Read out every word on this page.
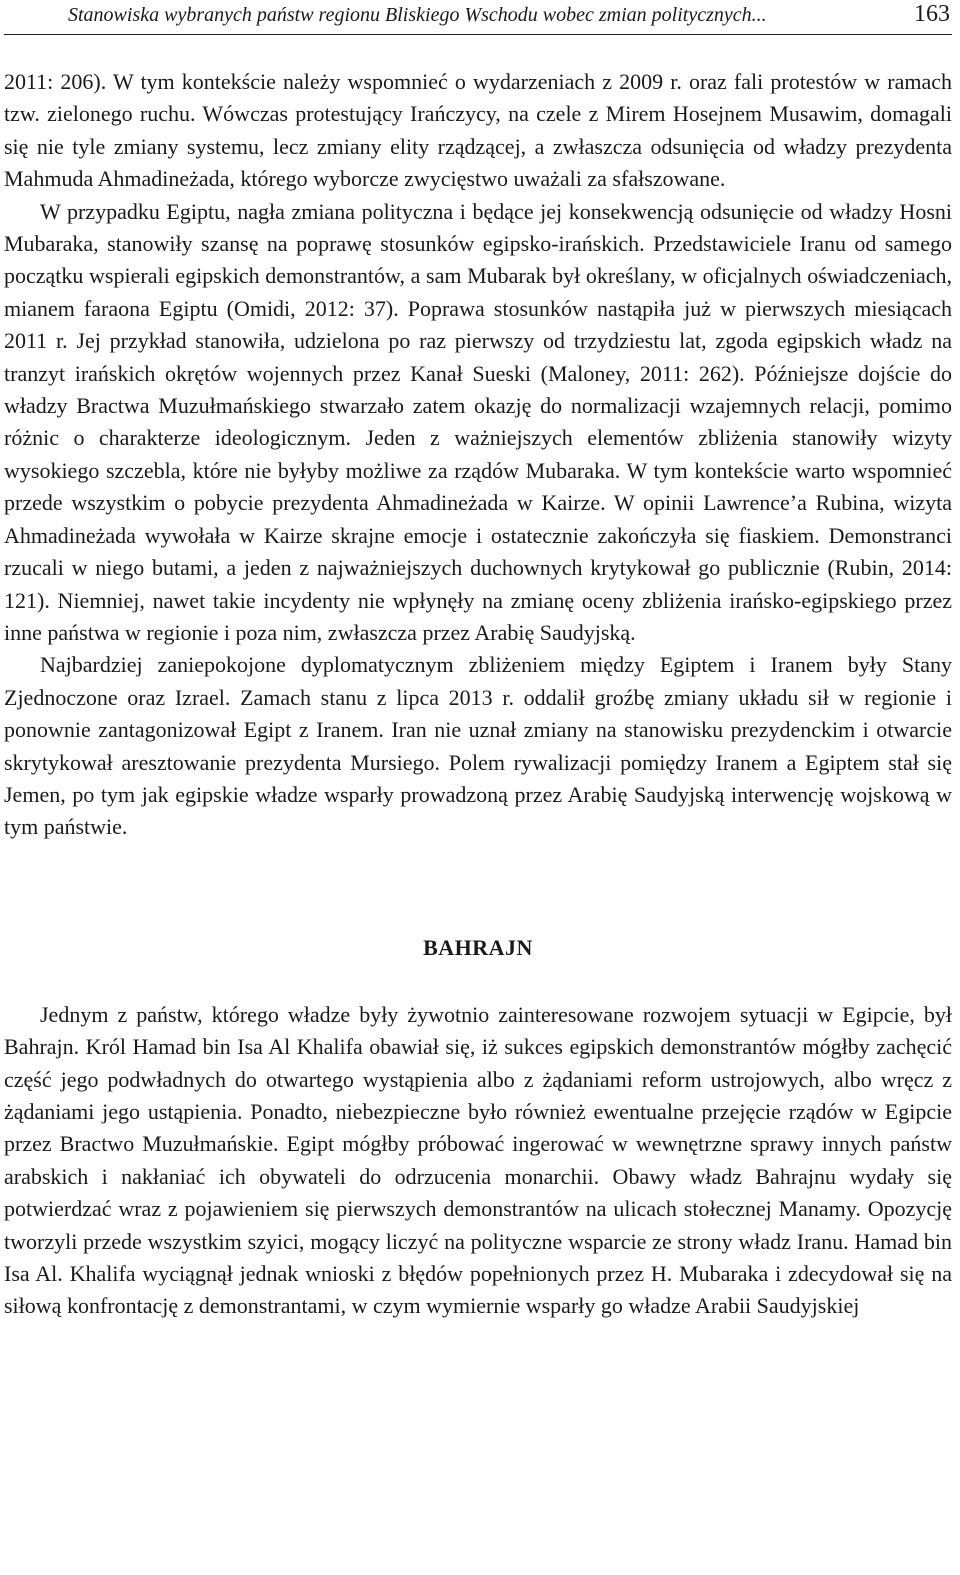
Stanowiska wybranych państw regionu Bliskiego Wschodu wobec zmian politycznych...	163

2011: 206). W tym kontekście należy wspomnieć o wydarzeniach z 2009 r. oraz fali protestów w ramach tzw. zielonego ruchu. Wówczas protestujący Irańczycy, na czele z Mirem Hosejnem Musawim, domagali się nie tyle zmiany systemu, lecz zmiany elity rządzącej, a zwłaszcza odsunięcia od władzy prezydenta Mahmuda Ahmadineżada, którego wyborcze zwycięstwo uważali za sfałszowane.

W przypadku Egiptu, nagła zmiana polityczna i będące jej konsekwencją odsunięcie od władzy Hosni Mubaraka, stanowiły szansę na poprawę stosunków egipsko-irańskich. Przedstawiciele Iranu od samego początku wspierali egipskich demonstrantów, a sam Mubarak był określany, w oficjalnych oświadczeniach, mianem faraona Egiptu (Omidi, 2012: 37). Poprawa stosunków nastąpiła już w pierwszych miesiącach 2011 r. Jej przykład stanowiła, udzielona po raz pierwszy od trzydziestu lat, zgoda egipskich władz na tranzyt irańskich okrętów wojennych przez Kanał Sueski (Maloney, 2011: 262). Późniejsze dojście do władzy Bractwa Muzułmańskiego stwarzało zatem okazję do normalizacji wzajemnych relacji, pomimo różnic o charakterze ideologicznym. Jeden z ważniejszych elementów zbliżenia stanowiły wizyty wysokiego szczebla, które nie byłyby możliwe za rządów Mubaraka. W tym kontekście warto wspomnieć przede wszystkim o pobycie prezydenta Ahmadineżada w Kairze. W opinii Lawrence’a Rubina, wizyta Ahmadineżada wywołała w Kairze skrajne emocje i ostatecznie zakończyła się fiaskiem. Demonstranci rzucali w niego butami, a jeden z najważniejszych duchownych krytykował go publicznie (Rubin, 2014: 121). Niemniej, nawet takie incydenty nie wpłynęły na zmianę oceny zbliżenia irańsko-egipskiego przez inne państwa w regionie i poza nim, zwłaszcza przez Arabię Saudyjską.

Najbardziej zaniepokojone dyplomatycznym zbliżeniem między Egiptem i Iranem były Stany Zjednoczone oraz Izrael. Zamach stanu z lipca 2013 r. oddalił groźbę zmiany układu sił w regionie i ponownie zantagonizował Egipt z Iranem. Iran nie uznał zmiany na stanowisku prezydenckim i otwarcie skrytykował aresztowanie prezydenta Mursiego. Polem rywalizacji pomiędzy Iranem a Egiptem stał się Jemen, po tym jak egipskie władze wsparły prowadzoną przez Arabię Saudyjską interwencję wojskową w tym państwie.

BAHRAJN

Jednym z państw, którego władze były żywotnio zainteresowane rozwojem sytuacji w Egipcie, był Bahrajn. Król Hamad bin Isa Al Khalifa obawiał się, iż sukces egipskich demonstrantów mógłby zachęcić część jego podwładnych do otwartego wystąpienia albo z żądaniami reform ustrojowych, albo wręcz z żądaniami jego ustąpienia. Ponadto, niebezpieczne było również ewentualne przejęcie rządów w Egipcie przez Bractwo Muzułmańskie. Egipt mógłby próbować ingerować w wewnętrzne sprawy innych państw arabskich i nakłaniać ich obywateli do odrzucenia monarchii. Obawy władz Bahrajnu wydały się potwierdzać wraz z pojawieniem się pierwszych demonstrantów na ulicach stołecznej Manamy. Opozycję tworzyli przede wszystkim szyici, mogący liczyć na polityczne wsparcie ze strony władz Iranu. Hamad bin Isa Al. Khalifa wyciągnął jednak wnioski z błędów popełnionych przez H. Mubaraka i zdecydował się na siłową konfrontację z demonstrantami, w czym wymiernie wsparły go władze Arabii Saudyjskiej
